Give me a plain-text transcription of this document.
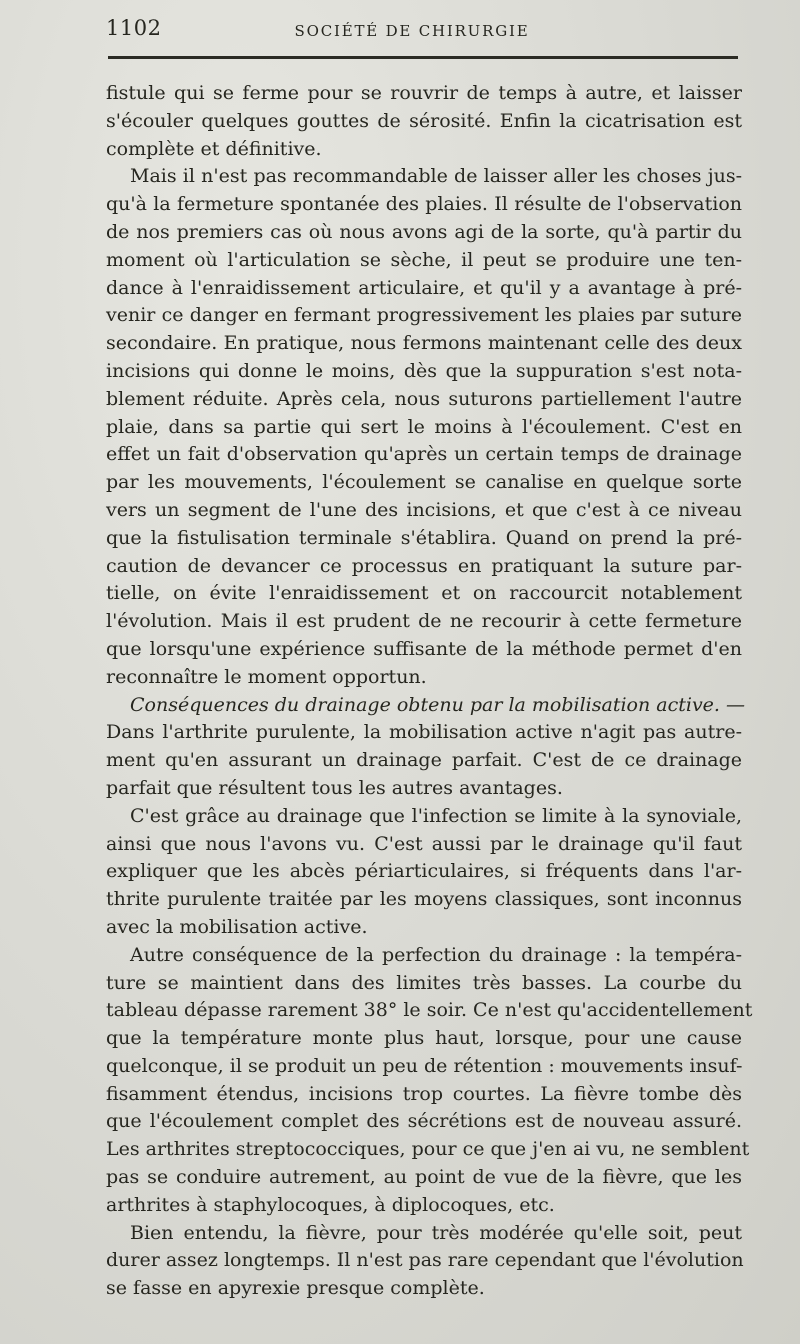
1102	SOCIÉTÉ DE CHIRURGIE

fistule qui se ferme pour se rouvrir de temps à autre, et laisser
s'écouler quelques gouttes de sérosité. Enfin la cicatrisation est
complète et définitive.

Mais il n'est pas recommandable de laisser aller les choses jus-
qu'à la fermeture spontanée des plaies. Il résulte de l'observation
de nos premiers cas où nous avons agi de la sorte, qu'à partir du
moment où l'articulation se sèche, il peut se produire une ten-
dance à l'enraidissement articulaire, et qu'il y a avantage à pré-
venir ce danger en fermant progressivement les plaies par suture
secondaire. En pratique, nous fermons maintenant celle des deux
incisions qui donne le moins, dès que la suppuration s'est nota-
blement réduite. Après cela, nous suturons partiellement l'autre
plaie, dans sa partie qui sert le moins à l'écoulement. C'est en
effet un fait d'observation qu'après un certain temps de drainage
par les mouvements, l'écoulement se canalise en quelque sorte
vers un segment de l'une des incisions, et que c'est à ce niveau
que la fistulisation terminale s'établira. Quand on prend la pré-
caution de devancer ce processus en pratiquant la suture par-
tielle, on évite l'enraidissement et on raccourcit notablement
l'évolution. Mais il est prudent de ne recourir à cette fermeture
que lorsqu'une expérience suffisante de la méthode permet d'en
reconnaître le moment opportun.

Conséquences du drainage obtenu par la mobilisation active. —
Dans l'arthrite purulente, la mobilisation active n'agit pas autre-
ment qu'en assurant un drainage parfait. C'est de ce drainage
parfait que résultent tous les autres avantages.

C'est grâce au drainage que l'infection se limite à la synoviale,
ainsi que nous l'avons vu. C'est aussi par le drainage qu'il faut
expliquer que les abcès périarticulaires, si fréquents dans l'ar-
thrite purulente traitée par les moyens classiques, sont inconnus
avec la mobilisation active.

Autre conséquence de la perfection du drainage : la tempéra-
ture se maintient dans des limites très basses. La courbe du
tableau dépasse rarement 38° le soir. Ce n'est qu'accidentellement
que la température monte plus haut, lorsque, pour une cause
quelconque, il se produit un peu de rétention : mouvements insuf-
fisamment étendus, incisions trop courtes. La fièvre tombe dès
que l'écoulement complet des sécrétions est de nouveau assuré.
Les arthrites streptococciques, pour ce que j'en ai vu, ne semblent
pas se conduire autrement, au point de vue de la fièvre, que les
arthrites à staphylocoques, à diplocoques, etc.

Bien entendu, la fièvre, pour très modérée qu'elle soit, peut
durer assez longtemps. Il n'est pas rare cependant que l'évolution
se fasse en apyrexie presque complète.
